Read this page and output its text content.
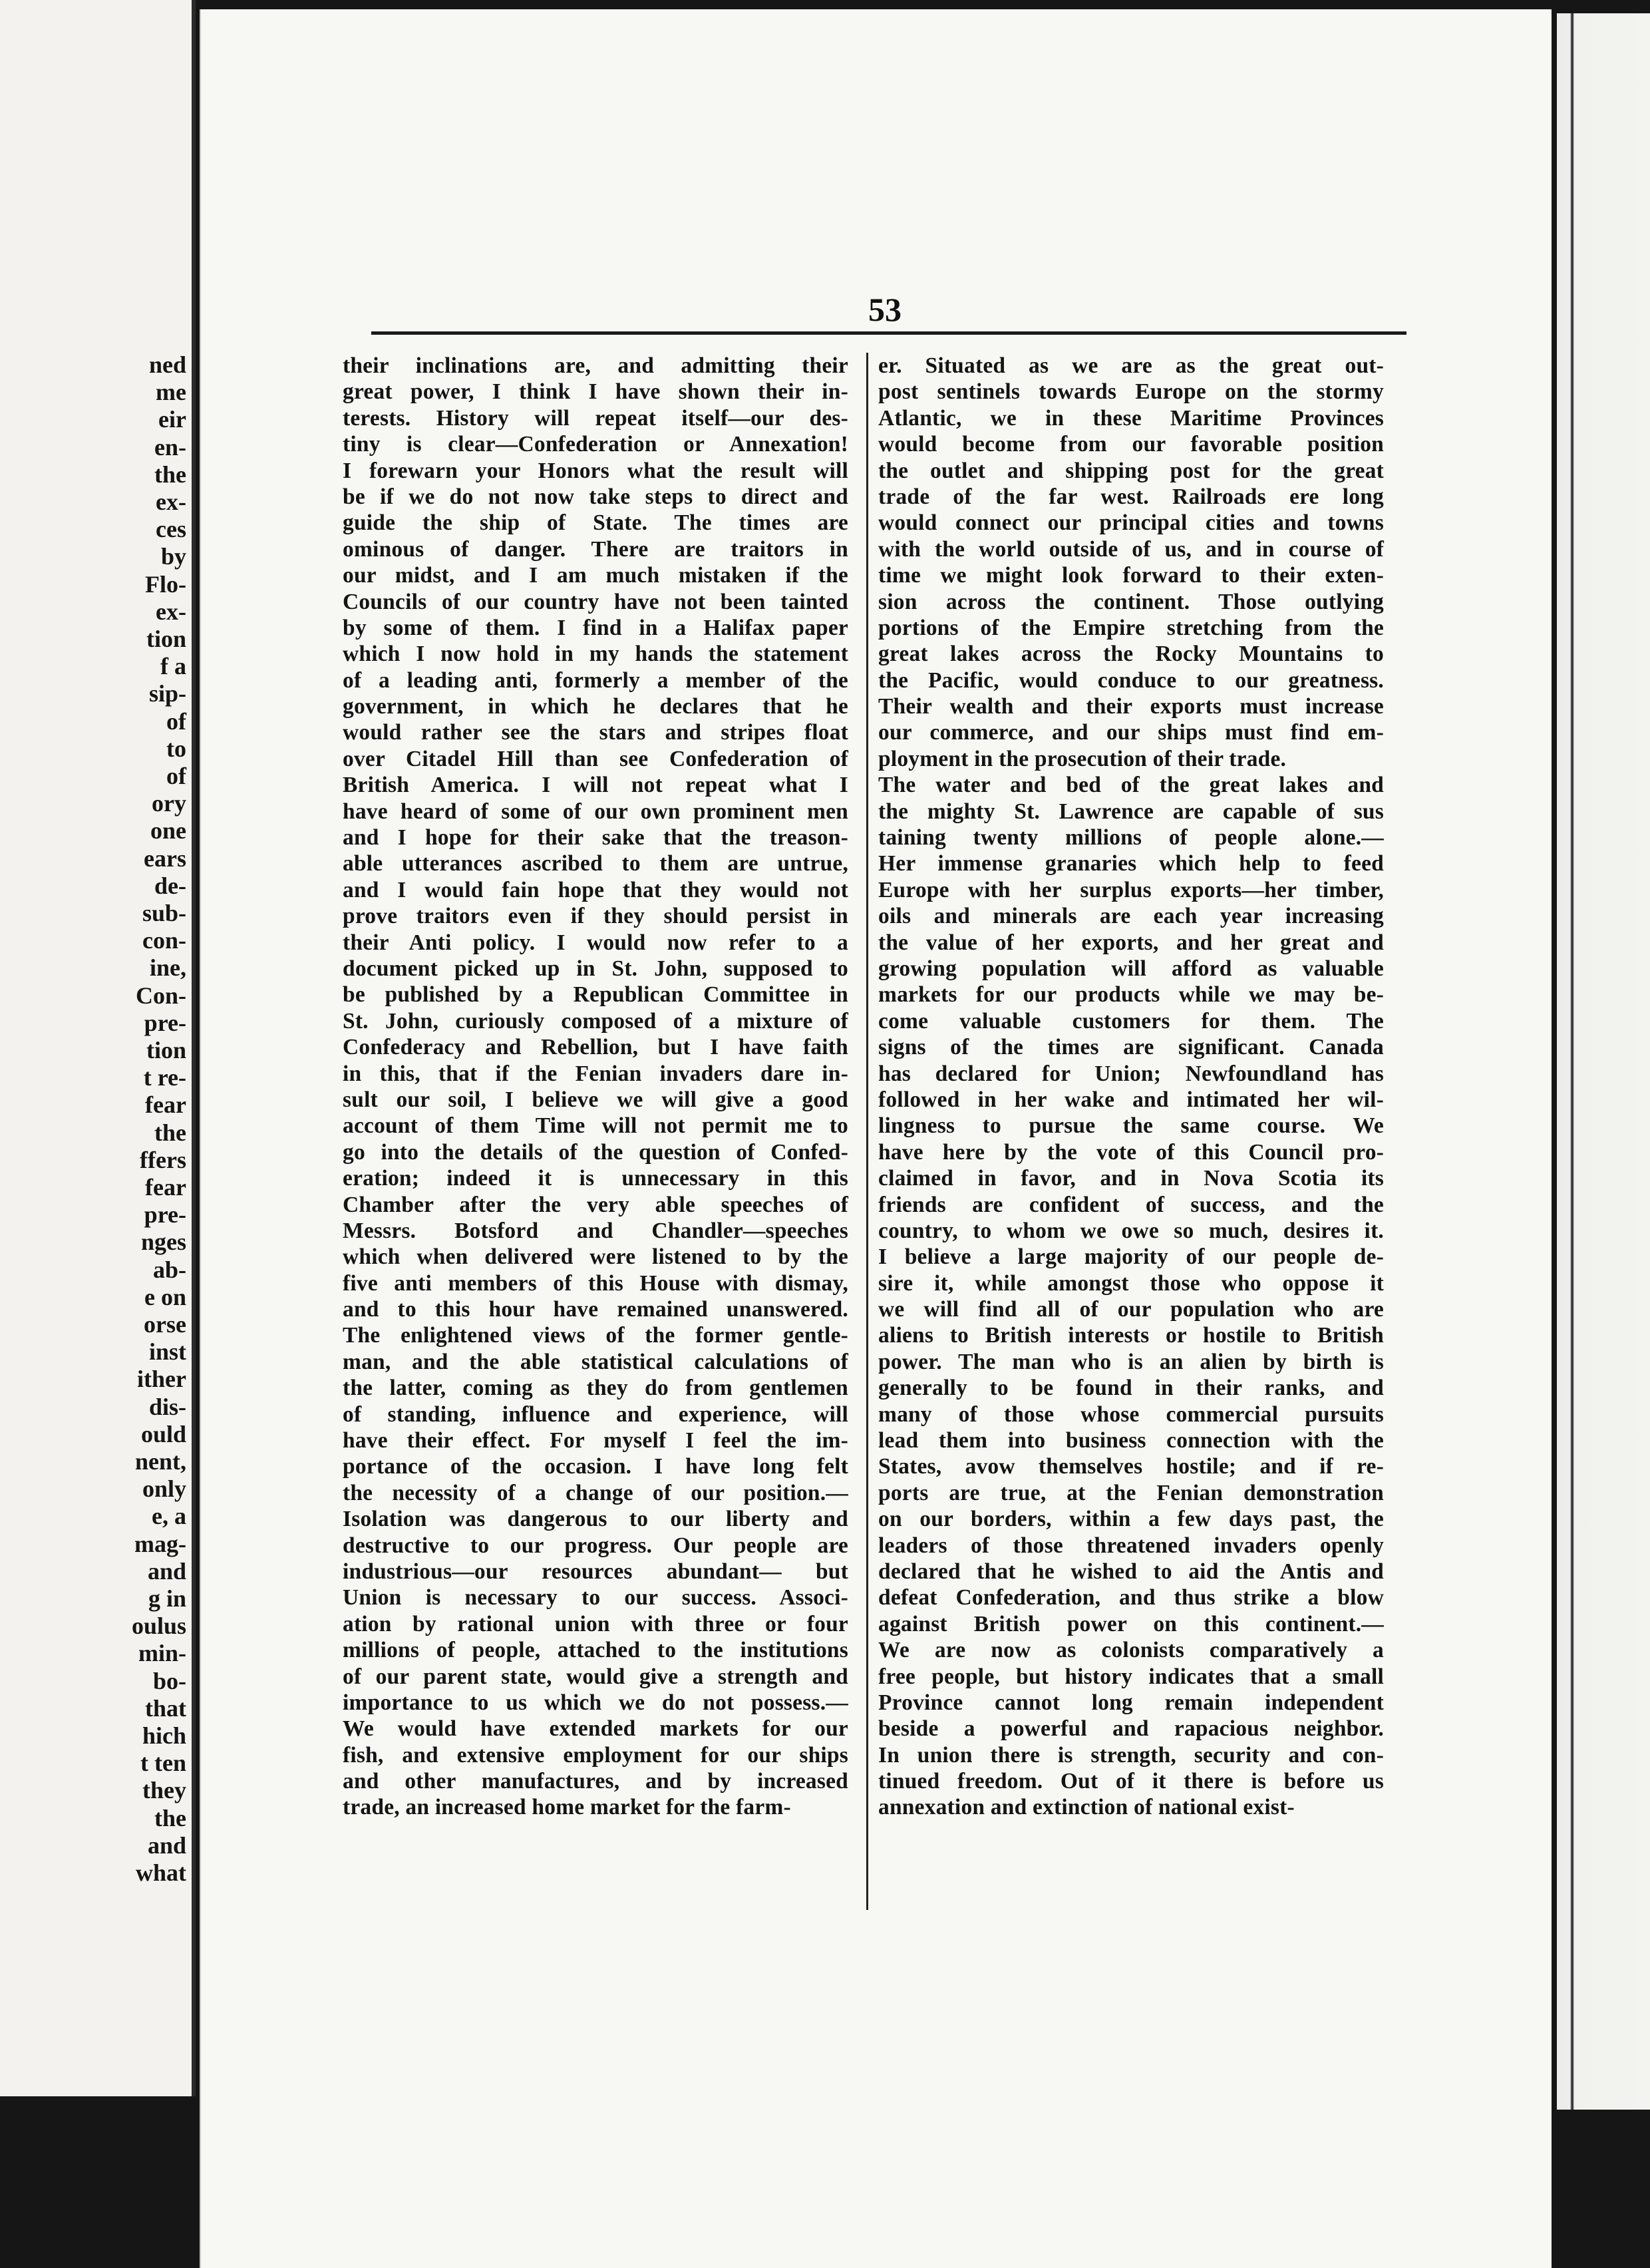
ned
me
eir
en-
the
ex-
ces
by
Flo-
ex-
tion
f a
sip-
of
to
of
ory
one
ears
de-
sub-
con-
ine,
Con-
pre-
tion
t re-
fear
the
ffers
fear
pre-
nges
ab-
e on
orse
inst
ither
dis-
ould
nent,
only
e, a
mag-
and
g in
oulus
min-
bo-
that
hich
t ten
they
the
and
what
53
their inclinations are, and admitting their
great power, I think I have shown their in-
terests. History will repeat itself—our des-
tiny is clear—Confederation or Annexation!
I forewarn your Honors what the result will
be if we do not now take steps to direct and
guide the ship of State. The times are
ominous of danger. There are traitors in
our midst, and I am much mistaken if the
Councils of our country have not been tainted
by some of them. I find in a Halifax paper
which I now hold in my hands the statement
of a leading anti, formerly a member of the
government, in which he declares that he
would rather see the stars and stripes float
over Citadel Hill than see Confederation of
British America. I will not repeat what I
have heard of some of our own prominent men
and I hope for their sake that the treason-
able utterances ascribed to them are untrue,
and I would fain hope that they would not
prove traitors even if they should persist in
their Anti policy. I would now refer to a
document picked up in St. John, supposed to
be published by a Republican Committee in
St. John, curiously composed of a mixture of
Confederacy and Rebellion, but I have faith
in this, that if the Fenian invaders dare in-
sult our soil, I believe we will give a good
account of them Time will not permit me to
go into the details of the question of Confed-
eration; indeed it is unnecessary in this
Chamber after the very able speeches of
Messrs. Botsford and Chandler—speeches
which when delivered were listened to by the
five anti members of this House with dismay,
and to this hour have remained unanswered.
The enlightened views of the former gentle-
man, and the able statistical calculations of
the latter, coming as they do from gentlemen
of standing, influence and experience, will
have their effect. For myself I feel the im-
portance of the occasion. I have long felt
the necessity of a change of our position.—
Isolation was dangerous to our liberty and
destructive to our progress. Our people are
industrious—our resources abundant— but
Union is necessary to our success. Associ-
ation by rational union with three or four
millions of people, attached to the institutions
of our parent state, would give a strength and
importance to us which we do not possess.—
We would have extended markets for our
fish, and extensive employment for our ships
and other manufactures, and by increased
trade, an increased home market for the farm-
er. Situated as we are as the great out-
post sentinels towards Europe on the stormy
Atlantic, we in these Maritime Provinces
would become from our favorable position
the outlet and shipping post for the great
trade of the far west. Railroads ere long
would connect our principal cities and towns
with the world outside of us, and in course of
time we might look forward to their exten-
sion across the continent. Those outlying
portions of the Empire stretching from the
great lakes across the Rocky Mountains to
the Pacific, would conduce to our greatness.
Their wealth and their exports must increase
our commerce, and our ships must find em-
ployment in the prosecution of their trade.
The water and bed of the great lakes and
the mighty St. Lawrence are capable of sus
taining twenty millions of people alone.—
Her immense granaries which help to feed
Europe with her surplus exports—her timber,
oils and minerals are each year increasing
the value of her exports, and her great and
growing population will afford as valuable
markets for our products while we may be-
come valuable customers for them. The
signs of the times are significant. Canada
has declared for Union; Newfoundland has
followed in her wake and intimated her wil-
lingness to pursue the same course. We
have here by the vote of this Council pro-
claimed in favor, and in Nova Scotia its
friends are confident of success, and the
country, to whom we owe so much, desires it.
I believe a large majority of our people de-
sire it, while amongst those who oppose it
we will find all of our population who are
aliens to British interests or hostile to British
power. The man who is an alien by birth is
generally to be found in their ranks, and
many of those whose commercial pursuits
lead them into business connection with the
States, avow themselves hostile; and if re-
ports are true, at the Fenian demonstration
on our borders, within a few days past, the
leaders of those threatened invaders openly
declared that he wished to aid the Antis and
defeat Confederation, and thus strike a blow
against British power on this continent.—
We are now as colonists comparatively a
free people, but history indicates that a small
Province cannot long remain independent
beside a powerful and rapacious neighbor.
In union there is strength, security and con-
tinued freedom. Out of it there is before us
annexation and extinction of national exist-
